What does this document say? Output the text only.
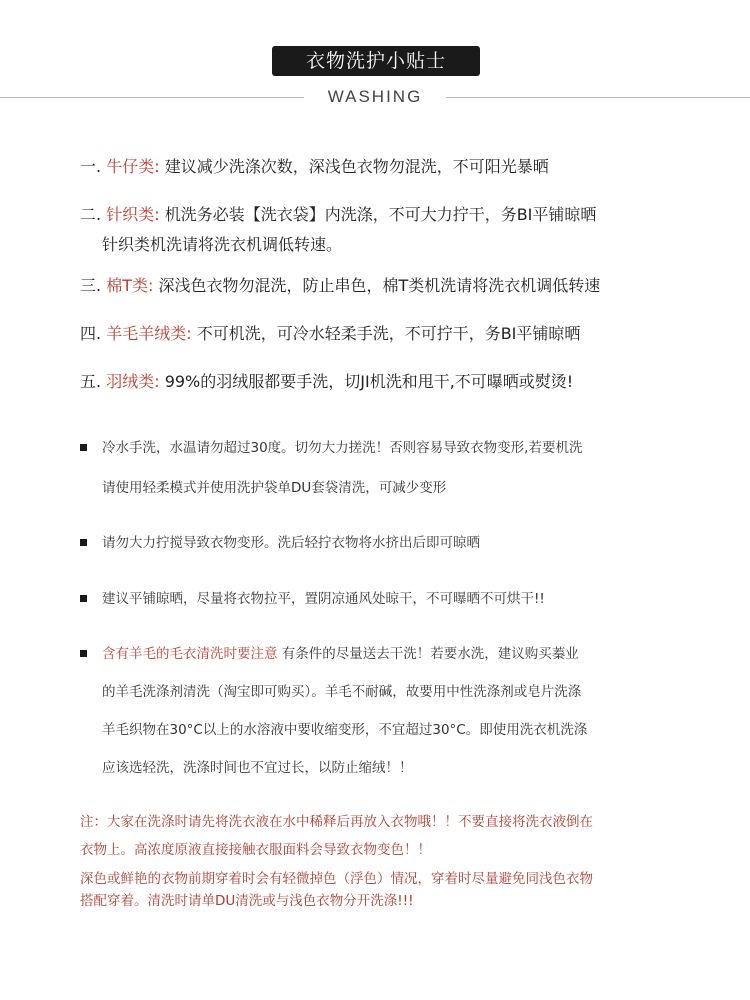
衣物洗护小贴士
WASHING
一. 牛仔类: 建议减少洗涤次数，深浅色衣物勿混洗，不可阳光暴晒
二. 针织类: 机洗务必装【洗衣袋】内洗涤，不可大力拧干，务BI平铺晾晒
针织类机洗请将洗衣机调低转速。
三. 棉T类: 深浅色衣物勿混洗，防止串色，棉T类机洗请将洗衣机调低转速
四. 羊毛羊绒类: 不可机洗，可冷水轻柔手洗，不可拧干，务BI平铺晾晒
五. 羽绒类: 99%的羽绒服都要手洗，切JI机洗和甩干,不可曝晒或熨烫!
冷水手洗，水温请勿超过30度。切勿大力搓洗！否则容易导致衣物变形,若要机洗
请使用轻柔模式并使用洗护袋单DU套袋清洗，可减少变形
请勿大力拧搅导致衣物变形。洗后轻拧衣物将水挤出后即可晾晒
建议平铺晾晒，尽量将衣物拉平，置阴凉通风处晾干，不可曝晒不可烘干!!
含有羊毛的毛衣清洗时要注意 有条件的尽量送去干洗！若要水洗，建议购买蓁业
的羊毛洗涤剂清洗（淘宝即可购买）。羊毛不耐碱，故要用中性洗涤剂或皂片洗涤
羊毛织物在30°C以上的水溶液中要收缩变形，不宜超过30°C。即使用洗衣机洗涤
应该选轻洗，洗涤时间也不宜过长，以防止缩绒！！
注：大家在洗涤时请先将洗衣液在水中稀释后再放入衣物哦！！不要直接将洗衣液倒在
衣物上。高浓度原液直接接触衣服面料会导致衣物变色！！
深色或鲜艳的衣物前期穿着时会有轻微掉色（浮色）情况，穿着时尽量避免同浅色衣物
搭配穿着。清洗时请单DU清洗或与浅色衣物分开洗涤!!!
